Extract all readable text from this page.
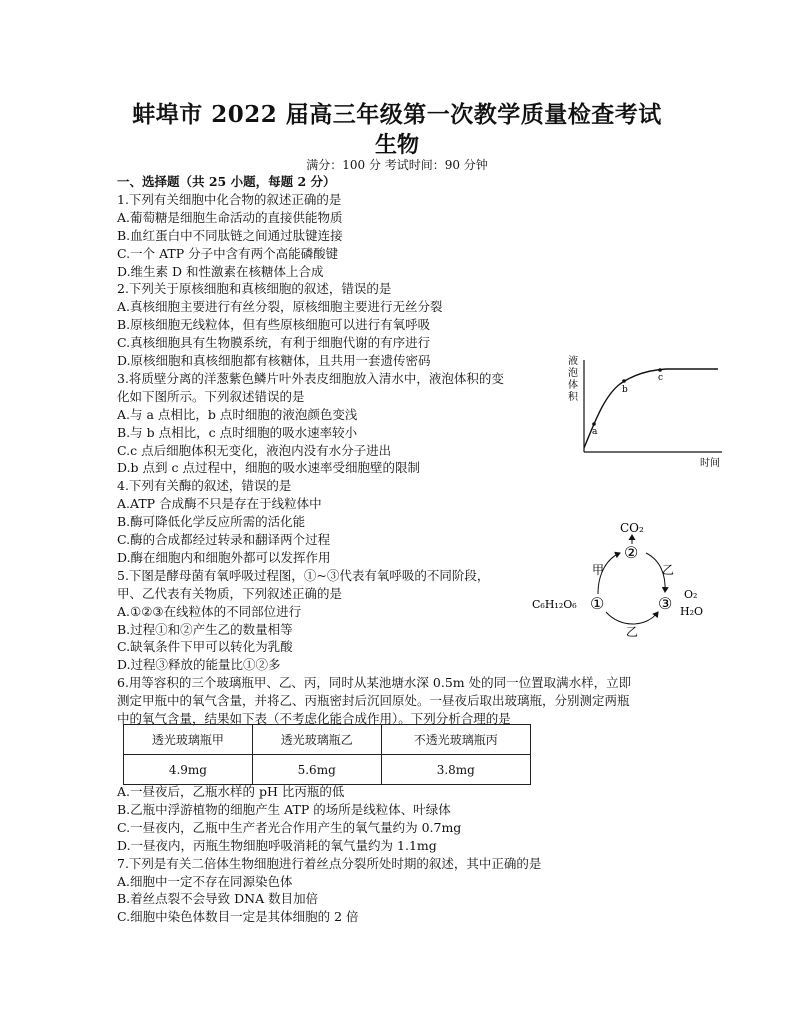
蚌埠市 2022 届高三年级第一次教学质量检查考试
生物
满分：100 分 考试时间：90 分钟
一、选择题（共 25 小题，每题 2 分）
1.下列有关细胞中化合物的叙述正确的是
A.葡萄糖是细胞生命活动的直接供能物质
B.血红蛋白中不同肽链之间通过肽键连接
C.一个 ATP 分子中含有两个高能磷酸键
D.维生素 D 和性激素在核糖体上合成
2.下列关于原核细胞和真核细胞的叙述，错误的是
A.真核细胞主要进行有丝分裂，原核细胞主要进行无丝分裂
B.原核细胞无线粒体，但有些原核细胞可以进行有氧呼吸
C.真核细胞具有生物膜系统，有利于细胞代谢的有序进行
D.原核细胞和真核细胞都有核糖体，且共用一套遗传密码
3.将质壁分离的洋葱紫色鳞片叶外表皮细胞放入清水中，液泡体积的变
化如下图所示。下列叙述错误的是
A.与 a 点相比，b 点时细胞的液泡颜色变浅
B.与 b 点相比，c 点时细胞的吸水速率较小
C.c 点后细胞体积无变化，液泡内没有水分子进出
D.b 点到 c 点过程中，细胞的吸水速率受细胞壁的限制
4.下列有关酶的叙述，错误的是
A.ATP 合成酶不只是存在于线粒体中
B.酶可降低化学反应所需的活化能
C.酶的合成都经过转录和翻译两个过程
D.酶在细胞内和细胞外都可以发挥作用
5.下图是酵母菌有氧呼吸过程图，①~③代表有氧呼吸的不同阶段，
甲、乙代表有关物质，下列叙述正确的是
A.①②③在线粒体的不同部位进行
B.过程①和②产生乙的数量相等
C.缺氧条件下甲可以转化为乳酸
D.过程③释放的能量比①②多
6.用等容积的三个玻璃瓶甲、乙、丙，同时从某池塘水深 0.5m 处的同一位置取满水样，立即
测定甲瓶中的氧气含量，并将乙、丙瓶密封后沉回原处。一昼夜后取出玻璃瓶，分别测定两瓶
中的氧气含量，结果如下表（不考虑化能合成作用）。下列分析合理的是
A.一昼夜后，乙瓶水样的 pH 比丙瓶的低
B.乙瓶中浮游植物的细胞产生 ATP 的场所是线粒体、叶绿体
C.一昼夜内，乙瓶中生产者光合作用产生的氧气量约为 0.7mg
D.一昼夜内，丙瓶生物细胞呼吸消耗的氧气量约为 1.1mg
7.下列是有关二倍体生物细胞进行着丝点分裂所处时期的叙述，其中正确的是
A.细胞中一定不存在同源染色体
B.着丝点裂不会导致 DNA 数目加倍
C.细胞中染色体数目一定是其体细胞的 2 倍
透光玻璃瓶甲	透光玻璃瓶乙	不透光玻璃瓶丙
4.9mg	5.6mg	3.8mg
液
泡
体
积
a
b
c
时间
CO₂
②
甲	乙
C₆H₁₂O₆ ①	③ O₂
H₂O
乙
